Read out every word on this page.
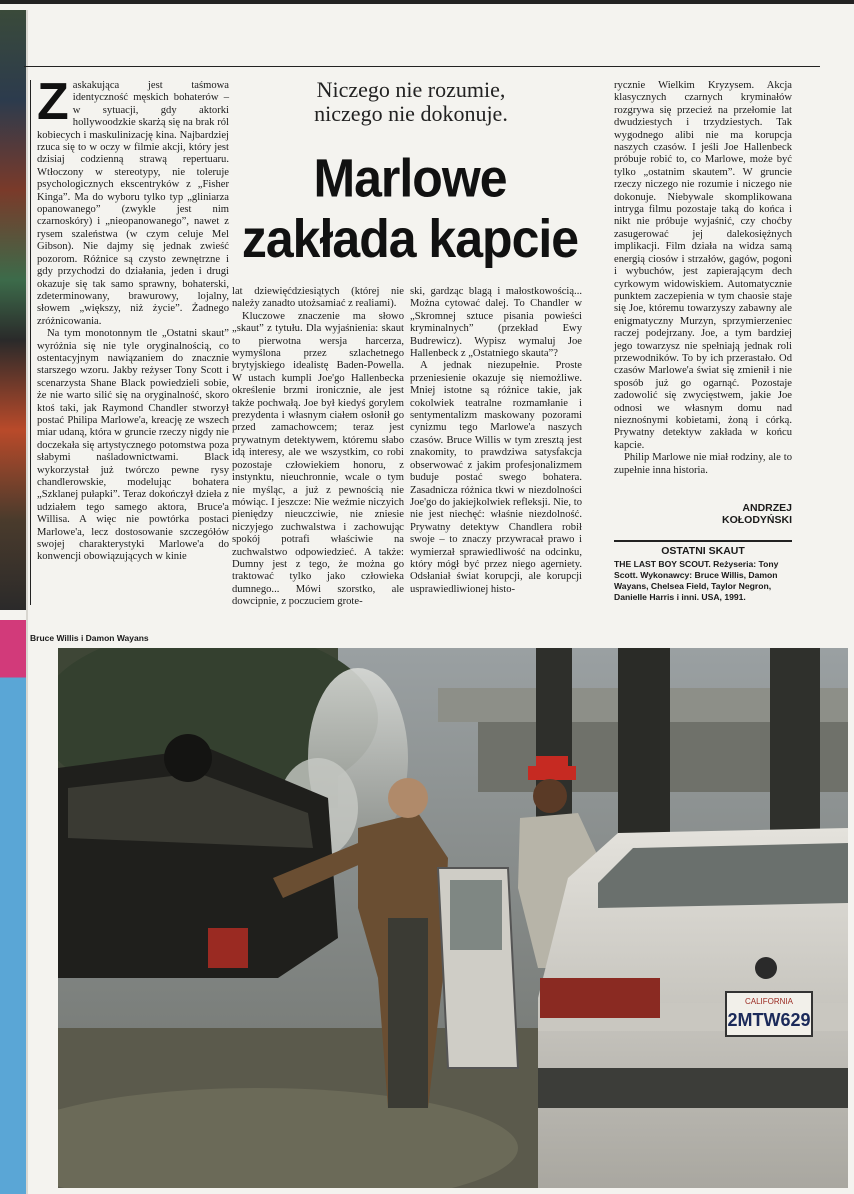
Niczego nie rozumie,
niczego nie dokonuje.
Marlowe
zakłada kapcie

Zaskakująca jest taśmowa identyczność męskich bohaterów – w sytuacji, gdy aktorki hollywoodzkie skarżą się na brak ról kobiecych i maskulinizację kina. Najbardziej rzuca się to w oczy w filmie akcji, który jest dzisiaj codzienną strawą repertuaru. Wtłoczony w stereotypy, nie toleruje psychologicznych ekscentryków z „Fisher Kinga”. Ma do wyboru tylko typ „gliniarza opanowanego” (zwykle jest nim czarnoskóry) i „nieopanowanego”, nawet z rysem szaleństwa (w czym celuje Mel Gibson). Nie dajmy się jednak zwieść pozorom. Różnice są czysto zewnętrzne i gdy przychodzi do działania, jeden i drugi okazuje się tak samo sprawny, bohaterski, zdeterminowany, brawurowy, lojalny, słowem „większy, niż życie”. Żadnego zróżnicowania.

Na tym monotonnym tle „Ostatni skaut” wyróżnia się nie tyle oryginalnością, co ostentacyjnym nawiązaniem do znacznie starszego wzoru. Jakby reżyser Tony Scott i scenarzysta Shane Black powiedzieli sobie, że nie warto silić się na oryginalność, skoro ktoś taki, jak Raymond Chandler stworzył postać Philipa Marlowe'a, kreację ze wszech miar udaną, która w gruncie rzeczy nigdy nie doczekała się artystycznego potomstwa poza słabymi naśladownictwami. Black wykorzystał już twórczo pewne rysy chandlerowskie, modelując bohatera „Szklanej pułapki”. Teraz dokończył dzieła z udziałem tego samego aktora, Bruce'a Willisa. A więc nie powtórka postaci Marlowe'a, lecz dostosowanie szczegółów swojej charakterystyki Marlowe'a do konwencji obowiązujących w kinie

lat dziewięćdziesiątych (której nie należy zanadto utożsamiać z realiami).

Kluczowe znaczenie ma słowo „skaut” z tytułu. Dla wyjaśnienia: skaut to pierwotna wersja harcerza, wymyślona przez szlachetnego brytyjskiego idealistę Baden-Powella. W ustach kumpli Joe'go Hallenbecka określenie brzmi ironicznie, ale jest także pochwałą. Joe był kiedyś gorylem prezydenta i własnym ciałem osłonił go przed zamachowcem; teraz jest prywatnym detektywem, któremu słabo idą interesy, ale we wszystkim, co robi pozostaje człowiekiem honoru, z instynktu, nieuchronnie, wcale o tym nie myśląc, a już z pewnością nie mówiąc. I jeszcze: Nie weźmie niczyich pieniędzy nieuczciwie, nie zniesie niczyjego zuchwalstwa i zachowując spokój potrafi właściwie na zuchwalstwo odpowiedzieć. A także: Dumny jest z tego, że można go traktować tylko jako człowieka dumnego... Mówi szorstko, ale dowcipnie, z poczuciem grote-

ski, gardząc blagą i małostkowością... Można cytować dalej. To Chandler w „Skromnej sztuce pisania powieści kryminalnych” (przekład Ewy Budrewicz). Wypisz wymaluj Joe Hallenbeck z „Ostatniego skauta”?

A jednak niezupełnie. Proste przeniesienie okazuje się niemożliwe. Mniej istotne są różnice takie, jak cokolwiek teatralne rozmamłanie i sentymentalizm maskowany pozorami cynizmu tego Marlowe'a naszych czasów. Bruce Willis w tym zresztą jest znakomity, to prawdziwa satysfakcja obserwować z jakim profesjonalizmem buduje postać swego bohatera. Zasadnicza różnica tkwi w niezdolności Joe'go do jakiejkolwiek refleksji. Nie, to nie jest niechęć: właśnie niezdolność. Prywatny detektyw Chandlera robił swoje – to znaczy przywracał prawo i wymierzał sprawiedliwość na odcinku, który mógł być przez niego agerniety. Odsłaniał świat korupcji, ale korupcji usprawiedliwionej histo-

rycznie Wielkim Kryzysem. Akcja klasycznych czarnych kryminałów rozgrywa się przecież na przełomie lat dwudziestych i trzydziestych. Tak wygodnego alibi nie ma korupcja naszych czasów. I jeśli Joe Hallenbeck próbuje robić to, co Marlowe, może być tylko „ostatnim skautem”. W gruncie rzeczy niczego nie rozumie i niczego nie dokonuje. Niebywale skomplikowana intryga filmu pozostaje taką do końca i nikt nie próbuje wyjaśnić, czy choćby zasugerować jej dalekosiężnych implikacji. Film działa na widza samą energią ciosów i strzałów, gagów, pogoni i wybuchów, jest zapierającym dech cyrkowym widowiskiem. Automatycznie punktem zaczepienia w tym chaosie staje się Joe, któremu towarzyszy zabawny ale enigmatyczny Murzyn, sprzymierzeniec raczej podejrzany. Joe, a tym bardziej jego towarzysz nie spełniają jednak roli przewodników. To by ich przerastało. Od czasów Marlowe'a świat się zmienił i nie sposób już go ogarnąć. Pozostaje zadowolić się zwycięstwem, jakie Joe odnosi we własnym domu nad nieznośnymi kobietami, żoną i córką. Prywatny detektyw zakłada w końcu kapcie.

Philip Marlowe nie miał rodziny, ale to zupełnie inna historia.

ANDRZEJ
KOŁODYŃSKI
OSTATNI SKAUT
THE LAST BOY SCOUT. Reżyseria: Tony Scott. Wykonawcy: Bruce Willis, Damon Wayans, Chelsea Field, Taylor Negron, Danielle Harris i inni. USA, 1991.
Bruce Willis i Damon Wayans
CALIFORNIA
2MTW629
